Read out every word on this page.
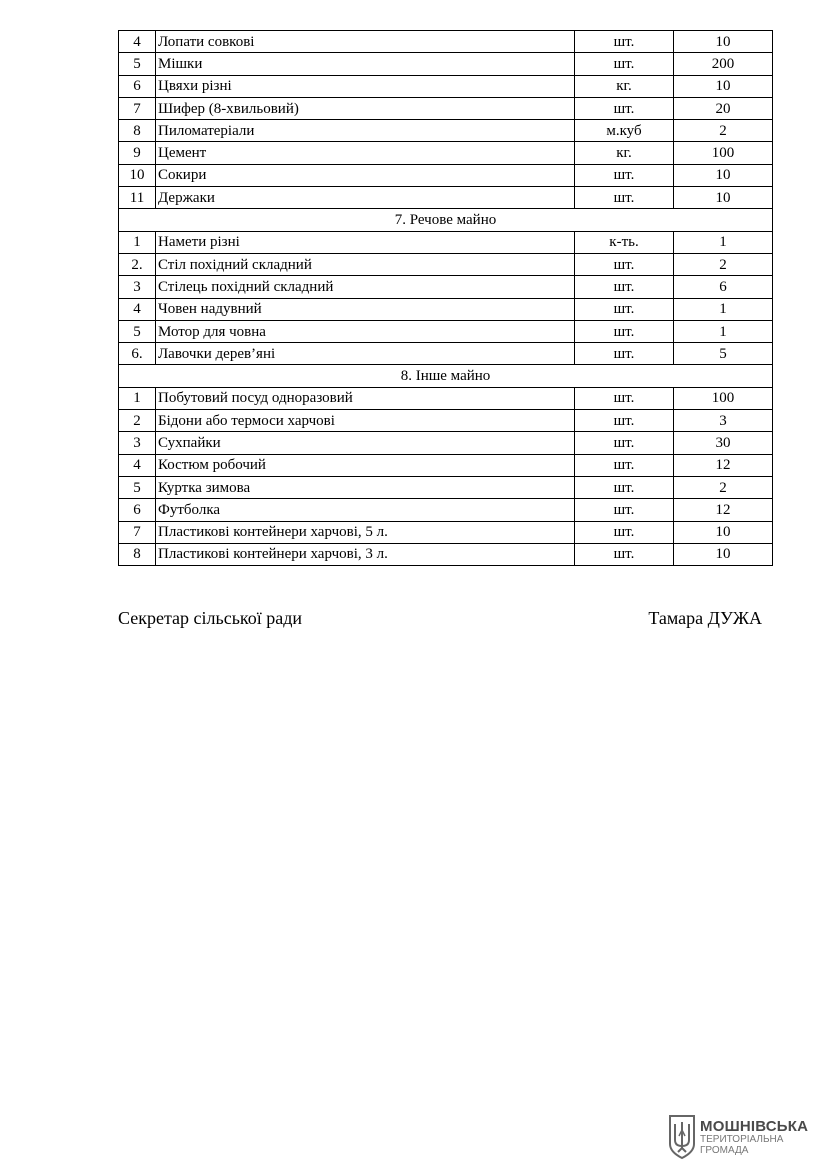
4	Лопати совкові	шт.	10
5	Мішки	шт.	200
6	Цвяхи різні	кг.	10
7	Шифер (8-хвильовий)	шт.	20
8	Пиломатеріали	м.куб	2
9	Цемент	кг.	100
10	Сокири	шт.	10
11	Держаки	шт.	10
7. Речове майно			
1	Намети різні	к-ть.	1
2.	Стіл похідний складний	шт.	2
3	Стілець похідний складний	шт.	6
4	Човен надувний	шт.	1
5	Мотор для човна	шт.	1
6.	Лавочки дерев’яні	шт.	5
8. Інше майно			
1	Побутовий посуд одноразовий	шт.	100
2	Бідони або термоси харчові	шт.	3
3	Сухпайки	шт.	30
4	Костюм робочий	шт.	12
5	Куртка зимова	шт.	2
6	Футболка	шт.	12
7	Пластикові контейнери харчові, 5 л.	шт.	10
8	Пластикові контейнери харчові, 3 л.	шт.	10
Секретар сільської ради	Тамара ДУЖА
МОШНІВСЬКА
ТЕРИТОРІАЛЬНА
ГРОМАДА
